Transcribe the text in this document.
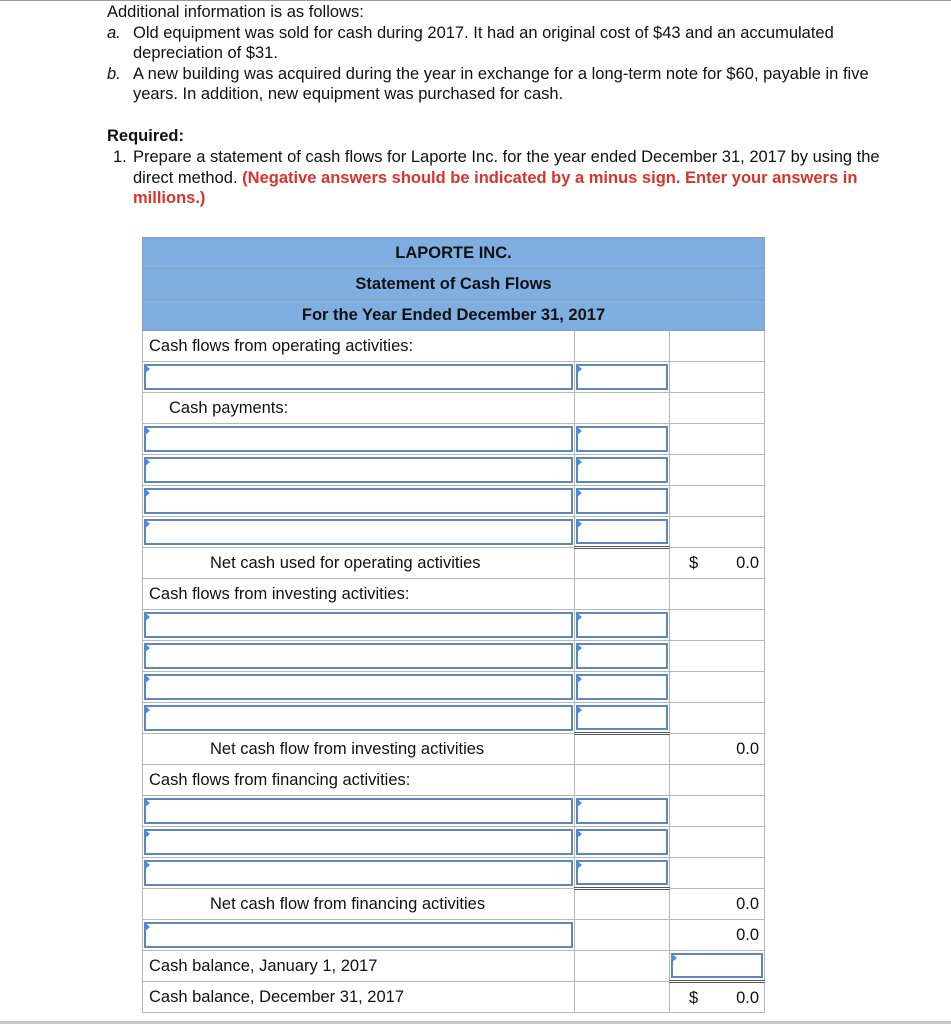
Additional information is as follows:

a. Old equipment was sold for cash during 2017. It had an original cost of $43 and an accumulated
depreciation of $31.
b. A new building was acquired during the year in exchange for a long-term note for $60, payable in five
years. In addition, new equipment was purchased for cash.
Required:
1. Prepare a statement of cash flows for Laporte Inc. for the year ended December 31, 2017 by using the
direct method. (Negative answers should be indicated by a minus sign. Enter your answers in
millions.)
LAPORTE INC.		
Statement of Cash Flows		
For the Year Ended December 31, 2017		
Cash flows from operating activities:		

Cash payments:		

Net cash used for operating activities		$ 0.0

Cash flows from investing activities:		

Net cash flow from investing activities		0.0

Cash flows from financing activities:		

Net cash flow from financing activities		0.0

		0.0

Cash balance, January 1, 2017		

Cash balance, December 31, 2017		$ 0.0
